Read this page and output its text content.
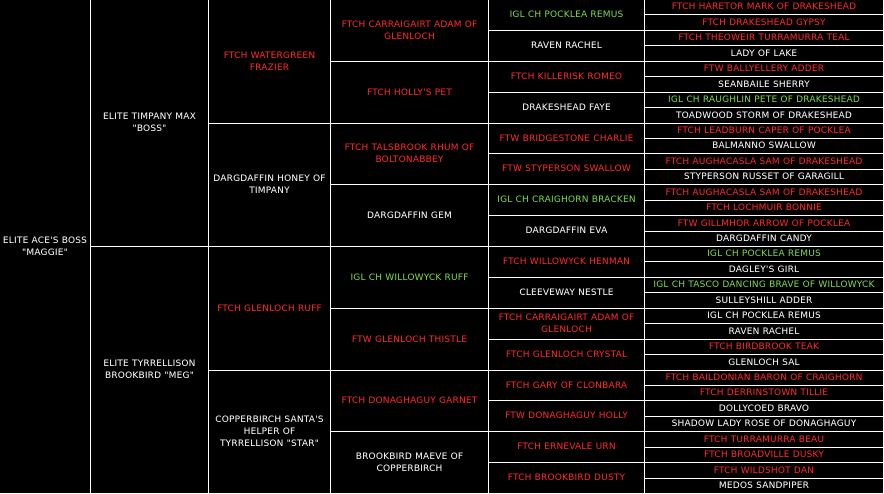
ELITE ACE'S BOSS "MAGGIE"
ELITE TIMPANY MAX "BOSS"
ELITE TYRRELLISON BROOKBIRD "MEG"
FTCH WATERGREEN FRAZIER
DARGDAFFIN HONEY OF TIMPANY
FTCH GLENLOCH RUFF
COPPERBIRCH SANTA'S HELPER OF TYRRELLISON "STAR"
FTCH CARRAIGAIRT ADAM OF GLENLOCH
FTCH HOLLY'S PET
FTCH TALSBROOK RHUM OF BOLTONABBEY
DARGDAFFIN GEM
IGL CH WILLOWYCK RUFF
FTW GLENLOCH THISTLE
FTCH DONAGHAGUY GARNET
BROOKBIRD MAEVE OF COPPERBIRCH
IGL CH POCKLEA REMUS
RAVEN RACHEL
FTCH KILLERISK ROMEO
DRAKESHEAD FAYE
FTW BRIDGESTONE CHARLIE
FTW STYPERSON SWALLOW
IGL CH CRAIGHORN BRACKEN
DARGDAFFIN EVA
FTCH WILLOWYCK HENMAN
CLEEVEWAY NESTLE
FTCH CARRAIGAIRT ADAM OF GLENLOCH
FTCH GLENLOCH CRYSTAL
FTCH GARY OF CLONBARA
FTW DONAGHAGUY HOLLY
FTCH ERNEVALE URN
FTCH BROOKBIRD DUSTY
FTCH HARETOR MARK OF DRAKESHEAD
FTCH DRAKESHEAD GYPSY
FTCH THEOWEIR TURRAMURRA TEAL
LADY OF LAKE
FTW BALLYELLERY ADDER
SEANBAILE SHERRY
IGL CH RAUGHLIN PETE OF DRAKESHEAD
TOADWOOD STORM OF DRAKESHEAD
FTCH LEADBURN CAPER OF POCKLEA
BALMANNO SWALLOW
FTCH AUGHACASLA SAM OF DRAKESHEAD
STYPERSON RUSSET OF GARAGILL
FTCH AUGHACASLA SAM OF DRAKESHEAD
FTCH LOCHMUIR BONNIE
FTW GILLMHOR ARROW OF POCKLEA
DARGDAFFIN CANDY
IGL CH POCKLEA REMUS
DAGLEY'S GIRL
IGL CH TASCO DANCING BRAVE OF WILLOWYCK
SULLEYSHILL ADDER
IGL CH POCKLEA REMUS
RAVEN RACHEL
FTCH BIRDBROOK TEAK
GLENLOCH SAL
FTCH BAILDONIAN BARON OF CRAIGHORN
FTCH DERRINSTOWN TILLIE
DOLLYCOED BRAVO
SHADOW LADY ROSE OF DONAGHAGUY
FTCH TURRAMURRA BEAU
FTCH BROADVILLE DUSKY
FTCH WILDSHOT DAN
MEDOS SANDPIPER
